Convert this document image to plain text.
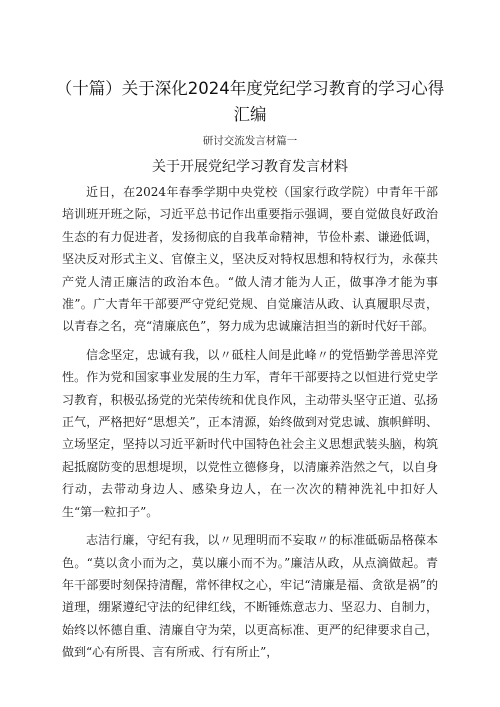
（十篇）关于深化2024年度党纪学习教育的学习心得
汇编
研讨交流发言材篇一
关于开展党纪学习教育发言材料

近日，在2024年春季学期中央党校（国家行政学院）中青年干部培训班开班之际，习近平总书记作出重要指示强调，要自觉做良好政治生态的有力促进者，发扬彻底的自我革命精神，节俭朴素、谦逊低调，坚决反对形式主义、官僚主义，坚决反对特权思想和特权行为，永葆共产党人清正廉洁的政治本色。“做人清才能为人正，做事净才能为事准”。广大青年干部要严守党纪党规、自觉廉洁从政、认真履职尽责，以青春之名，亮“清廉底色”，努力成为忠诚廉洁担当的新时代好干部。

信念坚定，忠诚有我，以〃砥柱人间是此峰〃的党悟勤学善思淬党性。作为党和国家事业发展的生力军，青年干部要持之以恒进行党史学习教育，积极弘扬党的光荣传统和优良作风，主动带头坚守正道、弘扬正气，严格把好“思想关”，正本清源，始终做到对党忠诚、旗帜鲜明、立场坚定，坚持以习近平新时代中国特色社会主义思想武装头脑，构筑起抵腐防变的思想堤坝，以党性立德修身，以清廉养浩然之气，以自身行动，去带动身边人、感染身边人，在一次次的精神洗礼中扣好人生“第一粒扣子”。

志洁行廉，守纪有我，以〃见理明而不妄取〃的标准砥砺品格葆本色。“莫以贪小而为之，莫以廉小而不为。”廉洁从政，从点滴做起。青年干部要时刻保持清醒，常怀律权之心，牢记“清廉是福、贪欲是祸”的道理，绷紧遵纪守法的纪律红线，不断锤炼意志力、坚忍力、自制力，始终以怀德自重、清廉自守为荣，以更高标准、更严的纪律要求自己，做到“心有所畏、言有所戒、行有所止”，
